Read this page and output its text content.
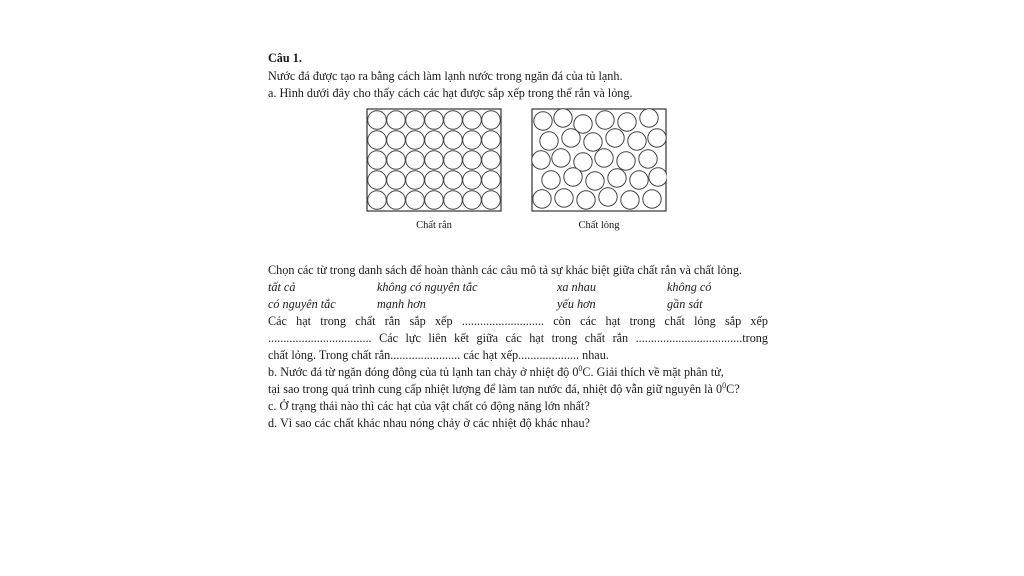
Câu 1.
Nước đá được tạo ra bằng cách làm lạnh nước trong ngăn đá của tủ lạnh.
a. Hình dưới đây cho thấy cách các hạt được sắp xếp trong thể rắn và lỏng.
Chất rắn	Chất lỏng
Chọn các từ trong danh sách để hoàn thành các câu mô tả sự khác biệt giữa chất rắn và chất lỏng.
tất cả	không có nguyên tắc	xa nhau	không có
có nguyên tắc	mạnh hơn	yếu hơn	gần sát
Các hạt trong chất rắn sắp xếp ........................... còn các hạt trong chất lỏng sắp xếp
.................................. Các lực liên kết giữa các hạt trong chất rắn ...................................trong
chất lỏng. Trong chất rắn....................... các hạt xếp.................... nhau.
b. Nước đá từ ngăn đóng đông của tủ lạnh tan chảy ở nhiệt độ $0^0C$. Giải thích về mặt phân tử,
tại sao trong quá trình cung cấp nhiệt lượng để làm tan nước đá, nhiệt độ vẫn giữ nguyên là $0^0C$?
c. Ở trạng thái nào thì các hạt của vật chất có động năng lớn nhất?
d. Vì sao các chất khác nhau nóng chảy ở các nhiệt độ khác nhau?
